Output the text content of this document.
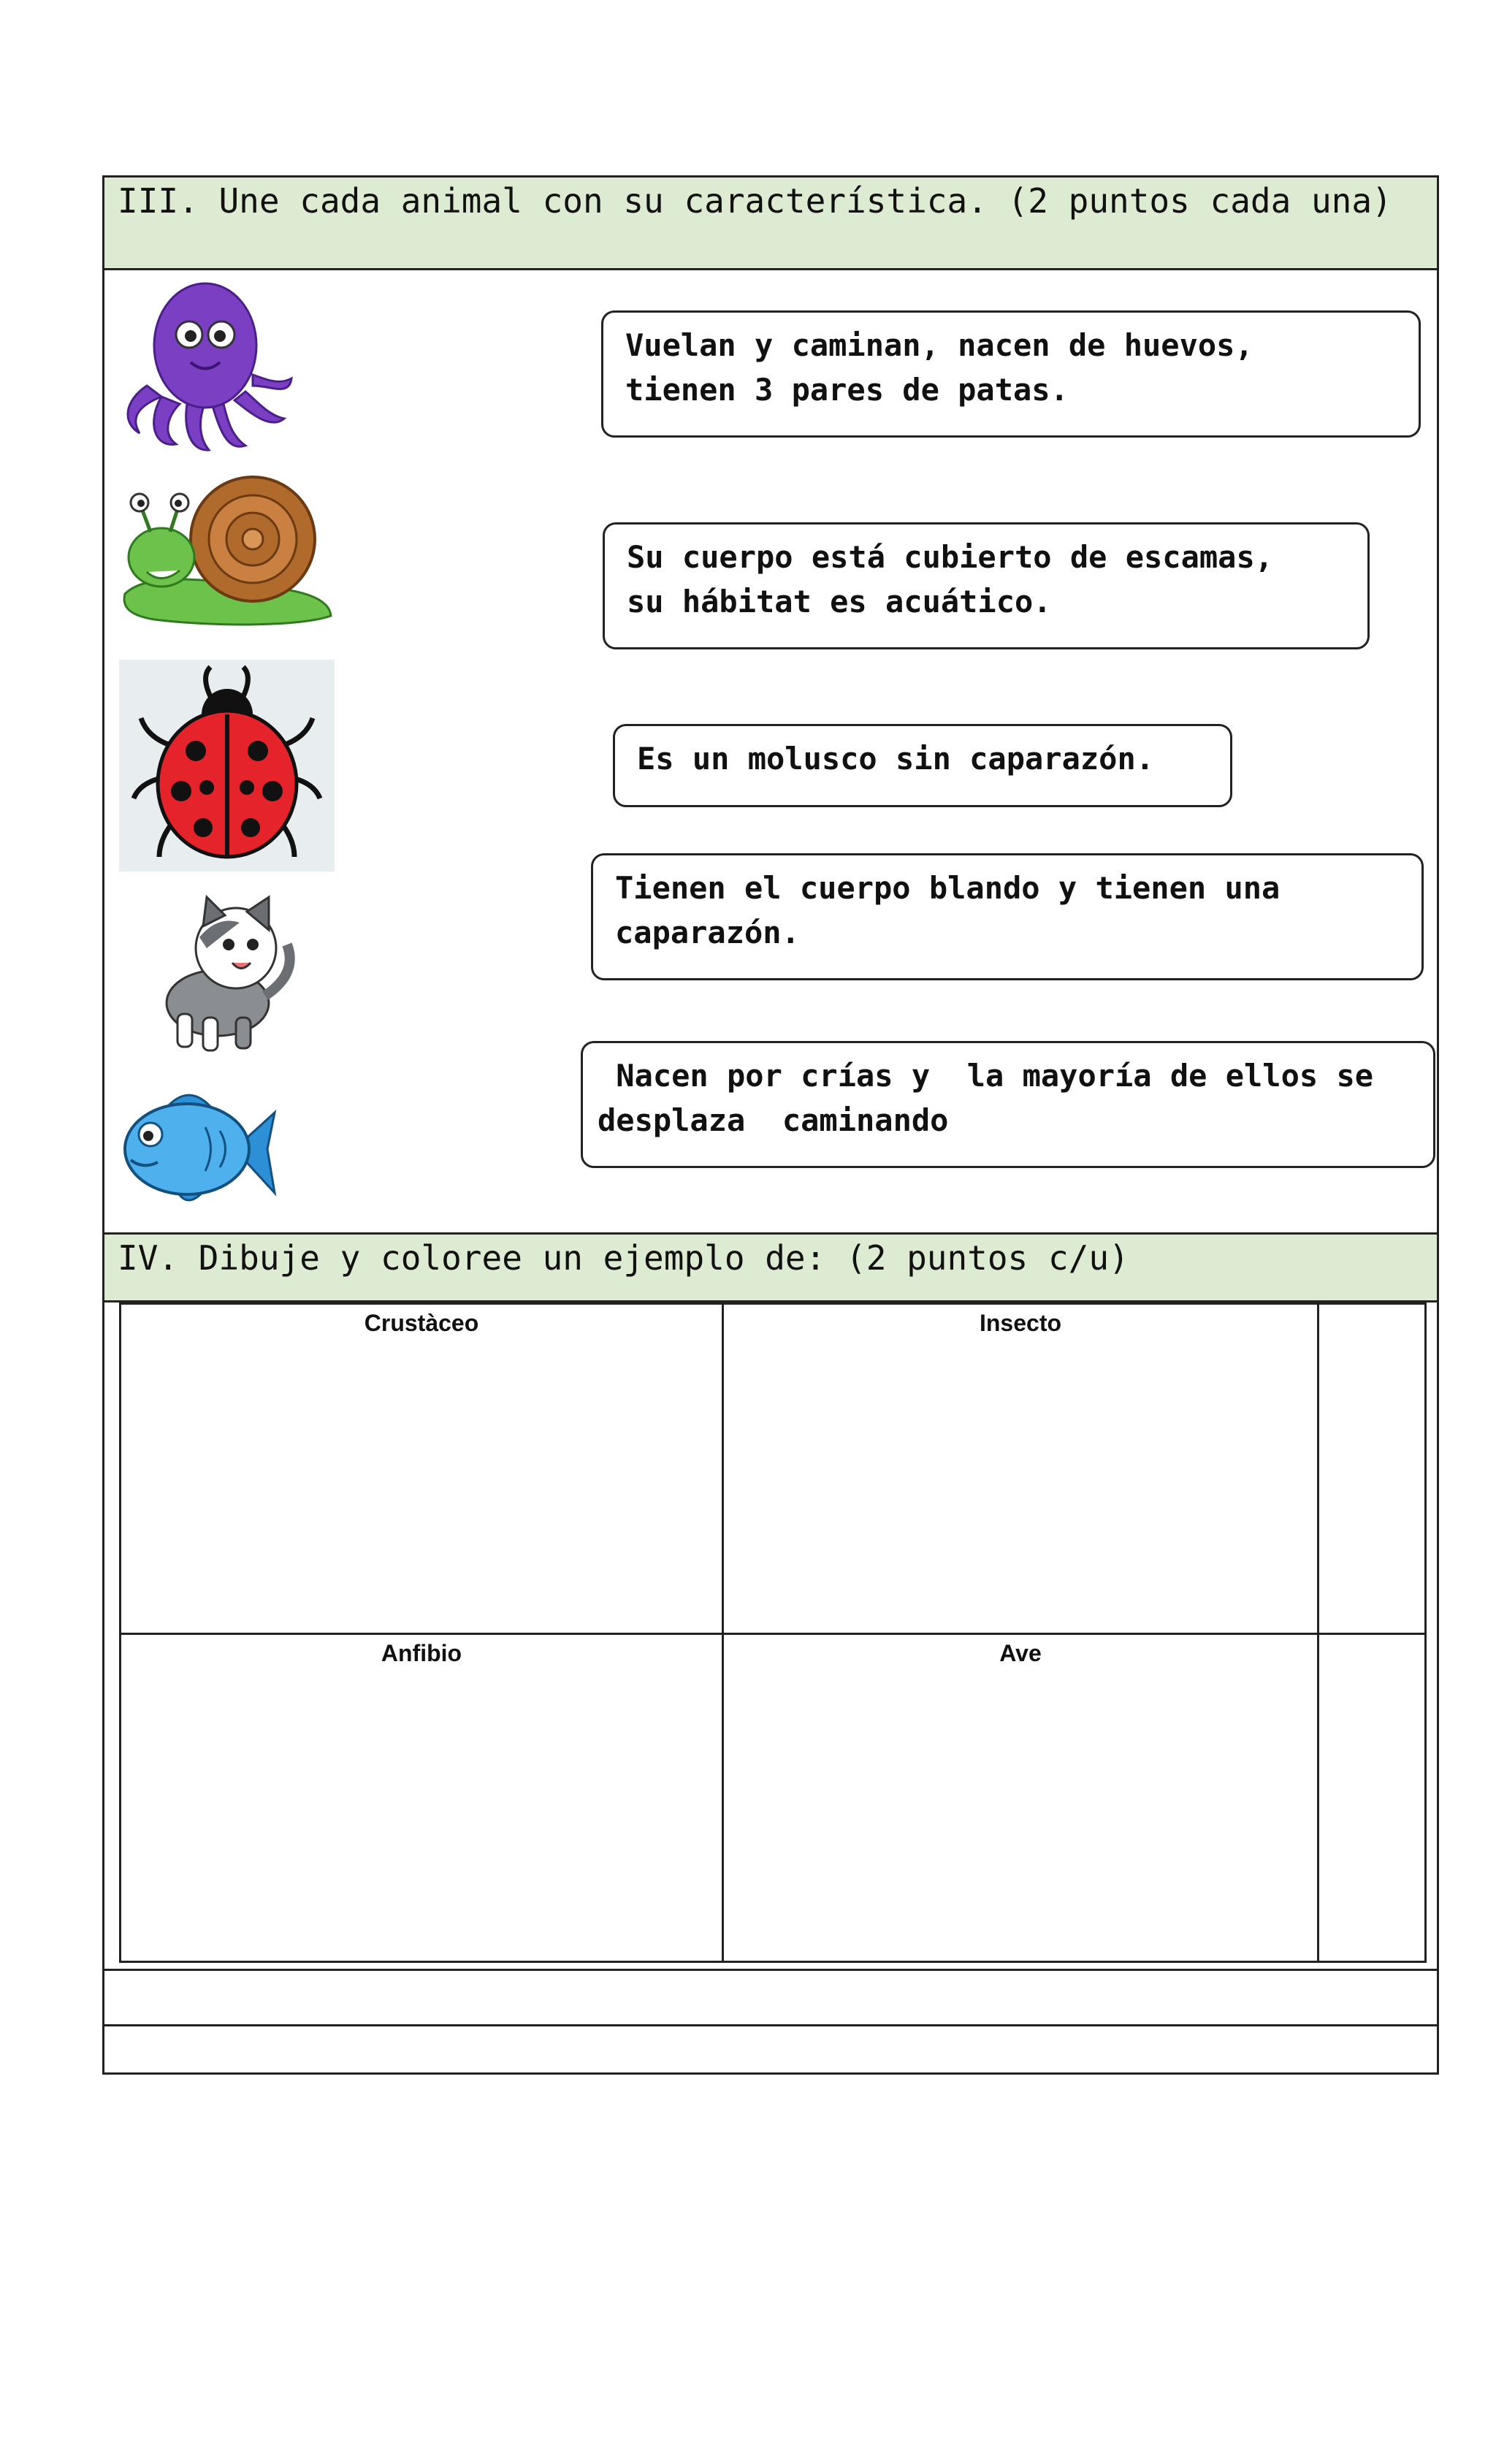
III. Une cada animal con su característica. (2 puntos cada una)
Vuelan y caminan, nacen de huevos,
tienen 3 pares de patas.
Su cuerpo está cubierto de escamas,
su hábitat es acuático.
Es un molusco sin caparazón.
Tienen el cuerpo blando y tienen una
caparazón.
Nacen por crías y  la mayoría de ellos se
desplaza  caminando
IV. Dibuje y coloree un ejemplo de: (2 puntos c/u)
Crustàceo	Insecto
Anfibio	Ave
